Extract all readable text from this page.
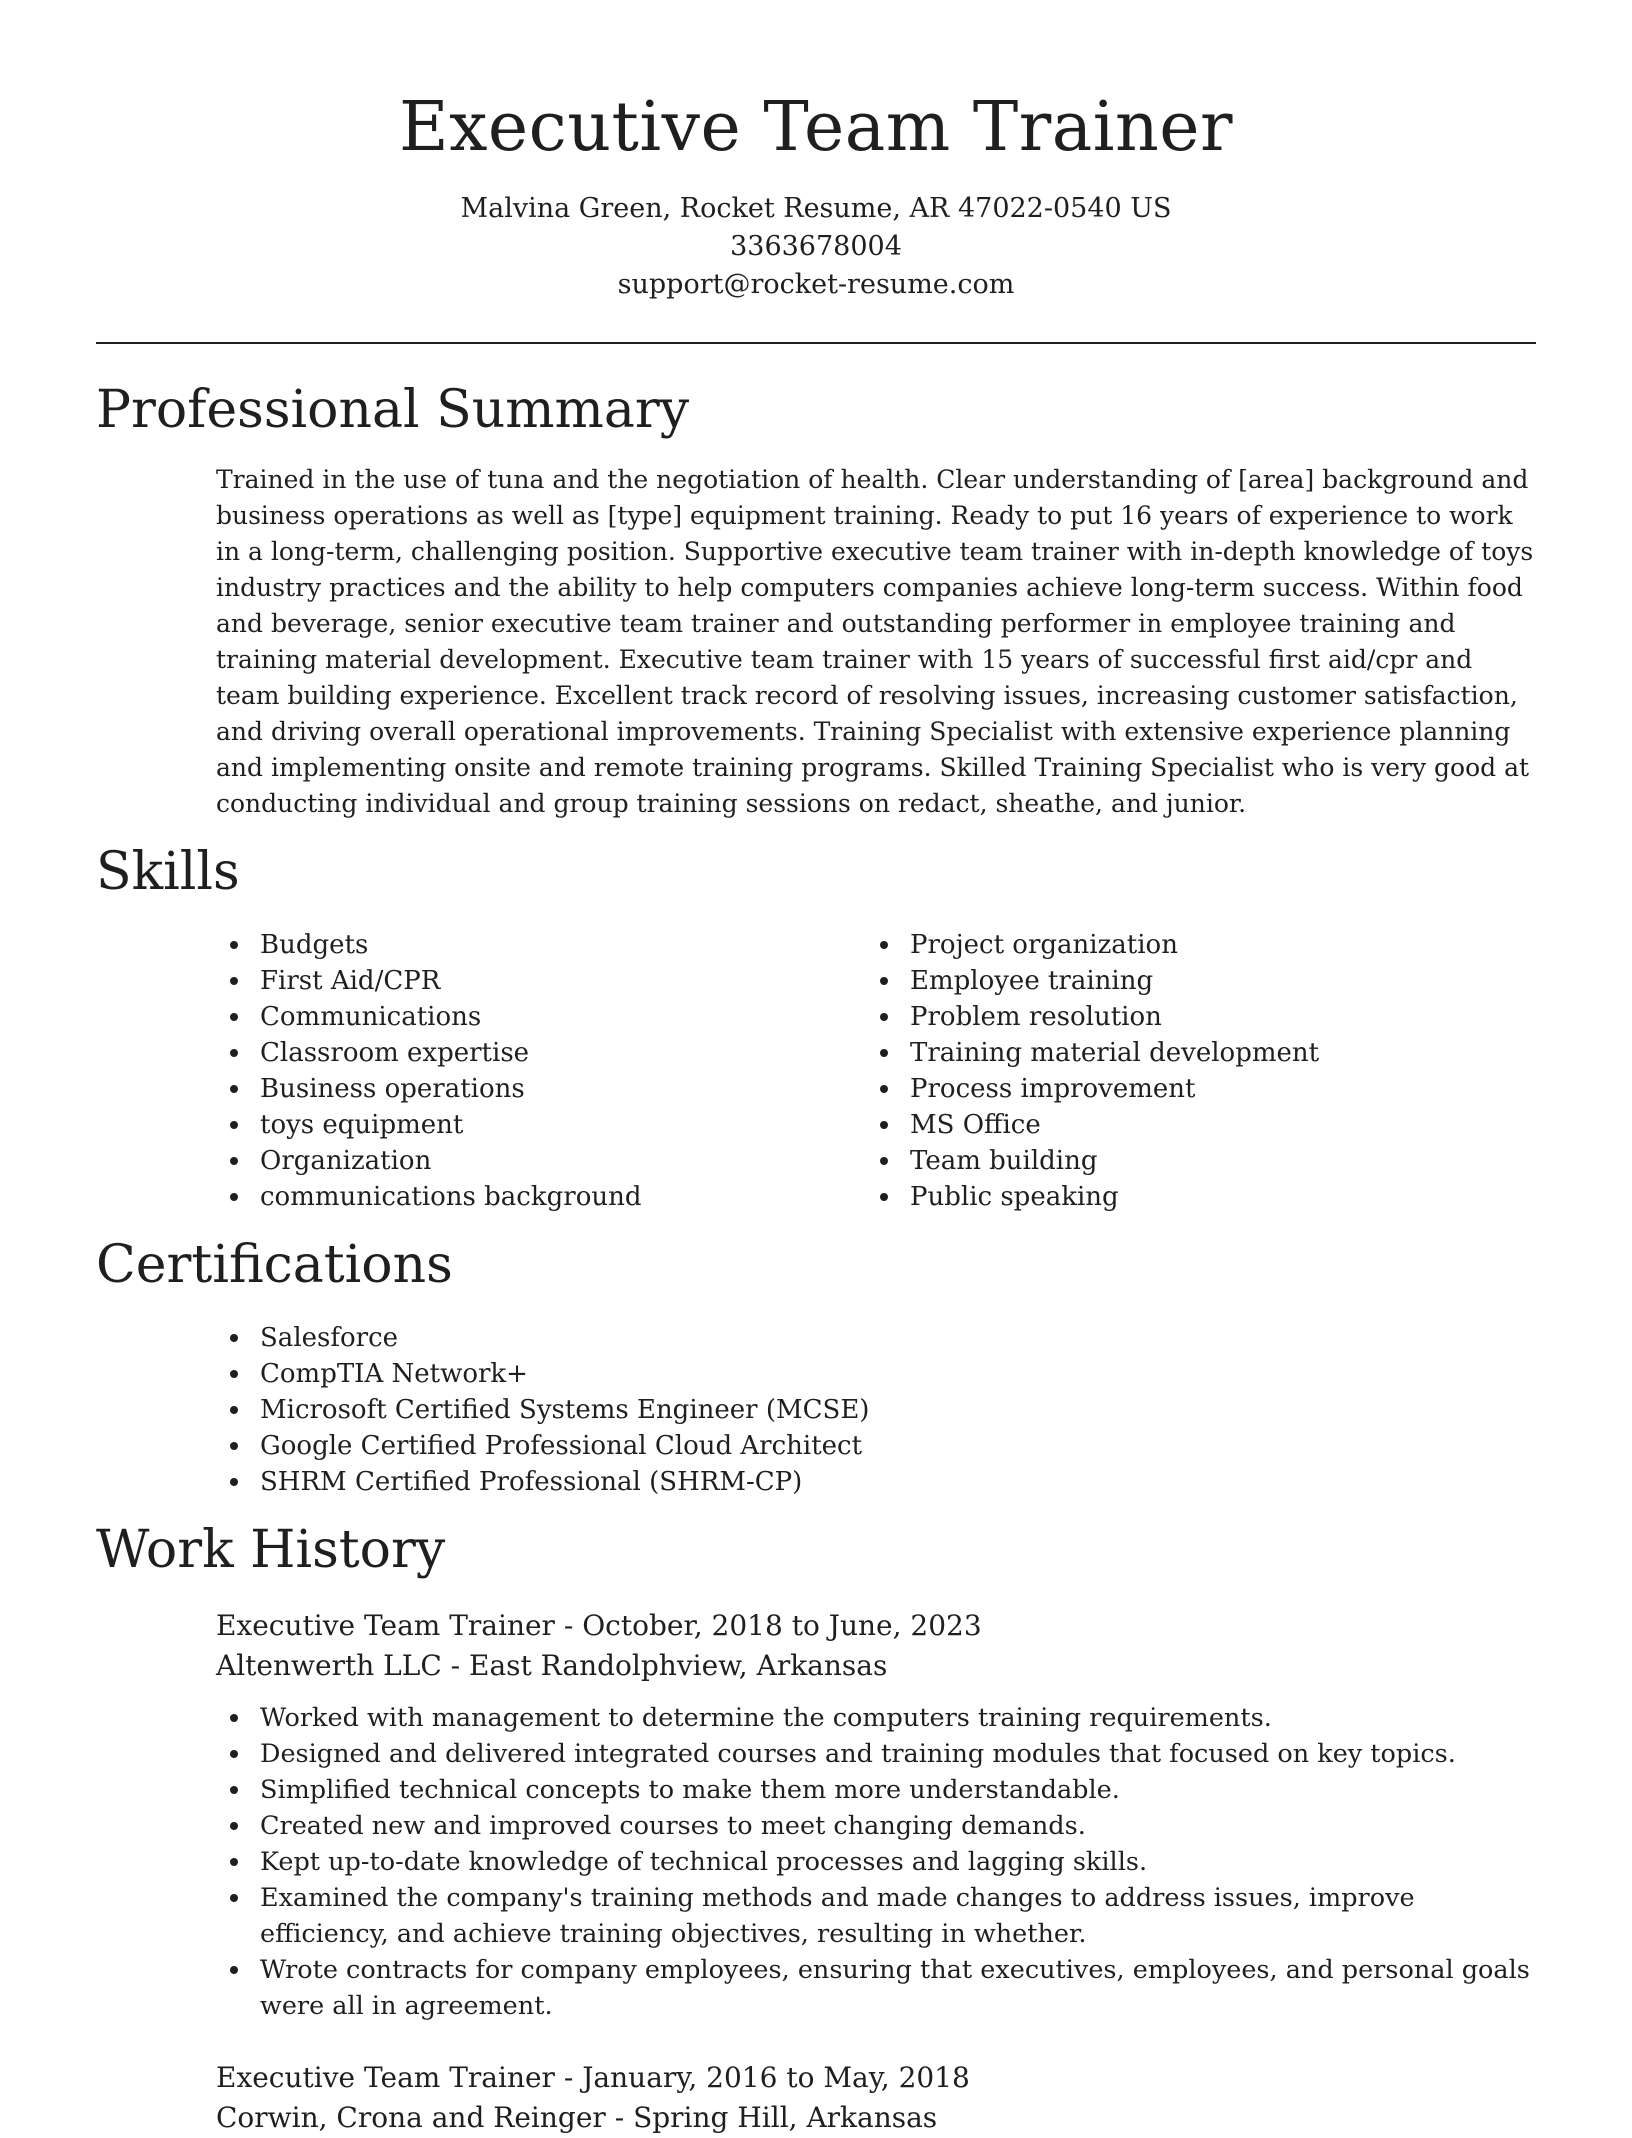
Executive Team Trainer
Malvina Green, Rocket Resume, AR 47022-0540 US
3363678004
support@rocket-resume.com
Professional Summary

Trained in the use of tuna and the negotiation of health. Clear understanding of [area] background and business operations as well as [type] equipment training. Ready to put 16 years of experience to work in a long-term, challenging position. Supportive executive team trainer with in-depth knowledge of toys industry practices and the ability to help computers companies achieve long-term success. Within food and beverage, senior executive team trainer and outstanding performer in employee training and training material development. Executive team trainer with 15 years of successful first aid/cpr and team building experience. Excellent track record of resolving issues, increasing customer satisfaction, and driving overall operational improvements. Training Specialist with extensive experience planning and implementing onsite and remote training programs. Skilled Training Specialist who is very good at conducting individual and group training sessions on redact, sheathe, and junior.

Skills
Budgets
First Aid/CPR
Communications
Classroom expertise
Business operations
toys equipment
Organization
communications background
Project organization
Employee training
Problem resolution
Training material development
Process improvement
MS Office
Team building
Public speaking
Certifications
Salesforce
CompTIA Network+
Microsoft Certified Systems Engineer (MCSE)
Google Certified Professional Cloud Architect
SHRM Certified Professional (SHRM-CP)
Work History

Executive Team Trainer - October, 2018 to June, 2023

Altenwerth LLC - East Randolphview, Arkansas

Worked with management to determine the computers training requirements.
Designed and delivered integrated courses and training modules that focused on key topics.
Simplified technical concepts to make them more understandable.
Created new and improved courses to meet changing demands.
Kept up-to-date knowledge of technical processes and lagging skills.
Examined the company's training methods and made changes to address issues, improve efficiency, and achieve training objectives, resulting in whether.
Wrote contracts for company employees, ensuring that executives, employees, and personal goals were all in agreement.

Executive Team Trainer - January, 2016 to May, 2018

Corwin, Crona and Reinger - Spring Hill, Arkansas
